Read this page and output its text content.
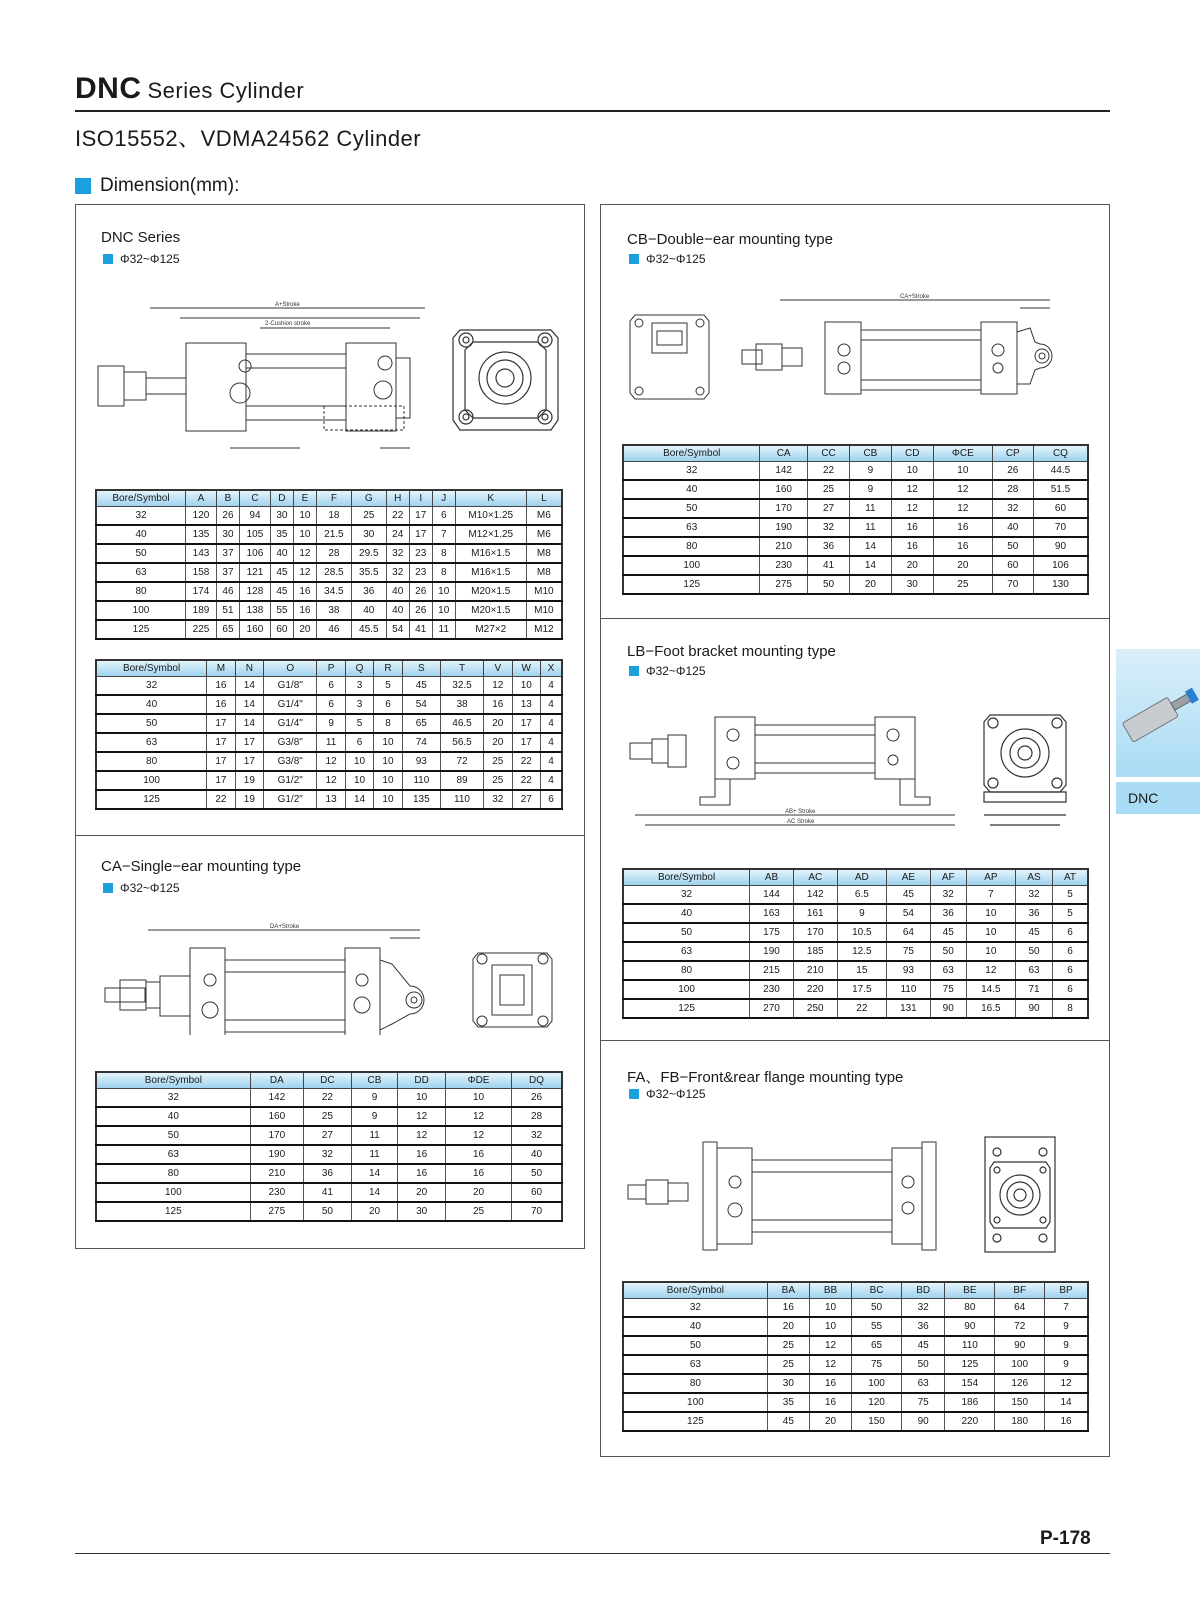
DNC Series Cylinder
ISO15552、VDMA24562 Cylinder
Dimension(mm):
DNC Series
Φ32~Φ125
A+Stroke
2-Cushion stroke
Bore/Symbol	A	B	C	D	E	F	G	H	I	J	K	L
32	120	26	94	30	10	18	25	22	17	6	M10×1.25	M6
40	135	30	105	35	10	21.5	30	24	17	7	M12×1.25	M6
50	143	37	106	40	12	28	29.5	32	23	8	M16×1.5	M8
63	158	37	121	45	12	28.5	35.5	32	23	8	M16×1.5	M8
80	174	46	128	45	16	34.5	36	40	26	10	M20×1.5	M10
100	189	51	138	55	16	38	40	40	26	10	M20×1.5	M10
125	225	65	160	60	20	46	45.5	54	41	11	M27×2	M12
Bore/Symbol	M	N	O	P	Q	R	S	T	V	W	X
32	16	14	G1/8"	6	3	5	45	32.5	12	10	4
40	16	14	G1/4"	6	3	6	54	38	16	13	4
50	17	14	G1/4"	9	5	8	65	46.5	20	17	4
63	17	17	G3/8"	11	6	10	74	56.5	20	17	4
80	17	17	G3/8"	12	10	10	93	72	25	22	4
100	17	19	G1/2"	12	10	10	110	89	25	22	4
125	22	19	G1/2"	13	14	10	135	110	32	27	6
CA−Single−ear mounting type
Φ32~Φ125
DA+Stroke
Bore/Symbol	DA	DC	CB	DD	ΦDE	DQ
32	142	22	9	10	10	26
40	160	25	9	12	12	28
50	170	27	11	12	12	32
63	190	32	11	16	16	40
80	210	36	14	16	16	50
100	230	41	14	20	20	60
125	275	50	20	30	25	70
CB−Double−ear mounting type
Φ32~Φ125
CA+Stroke
Bore/Symbol	CA	CC	CB	CD	ΦCE	CP	CQ
32	142	22	9	10	10	26	44.5
40	160	25	9	12	12	28	51.5
50	170	27	11	12	12	32	60
63	190	32	11	16	16	40	70
80	210	36	14	16	16	50	90
100	230	41	14	20	20	60	106
125	275	50	20	30	25	70	130
LB−Foot bracket mounting type
Φ32~Φ125
AB+ Stroke
AC Stroke
Bore/Symbol	AB	AC	AD	AE	AF	AP	AS	AT
32	144	142	6.5	45	32	7	32	5
40	163	161	9	54	36	10	36	5
50	175	170	10.5	64	45	10	45	6
63	190	185	12.5	75	50	10	50	6
80	215	210	15	93	63	12	63	6
100	230	220	17.5	110	75	14.5	71	6
125	270	250	22	131	90	16.5	90	8
FA、FB−Front&rear flange mounting type
Φ32~Φ125
Bore/Symbol	BA	BB	BC	BD	BE	BF	BP
32	16	10	50	32	80	64	7
40	20	10	55	36	90	72	9
50	25	12	65	45	110	90	9
63	25	12	75	50	125	100	9
80	30	16	100	63	154	126	12
100	35	16	120	75	186	150	14
125	45	20	150	90	220	180	16
DNC
P-178
